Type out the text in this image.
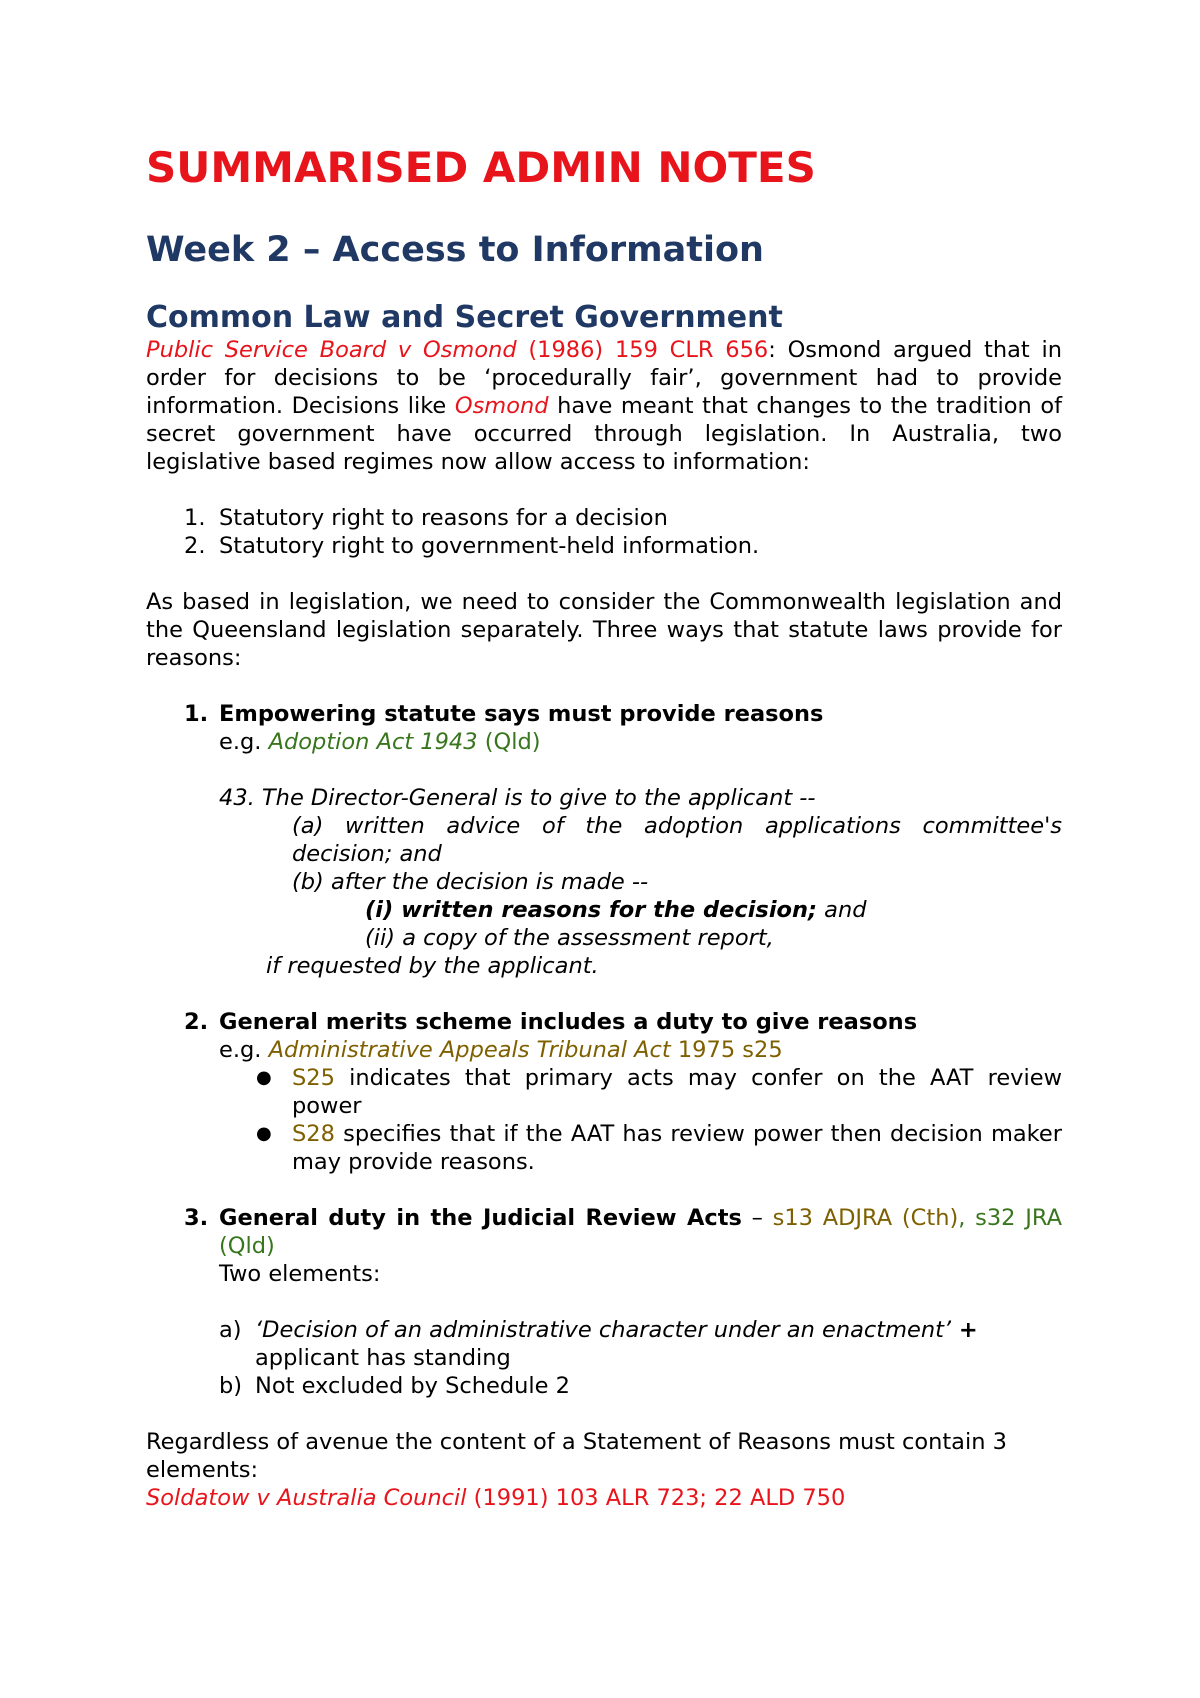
SUMMARISED ADMIN NOTES
Week 2 – Access to Information
Common Law and Secret Government

Public Service Board v Osmond (1986) 159 CLR 656: Osmond argued that in order for decisions to be ‘procedurally fair’, government had to provide information. Decisions like Osmond have meant that changes to the tradition of secret government have occurred through legislation. In Australia, two legislative based regimes now allow access to information:

1. Statutory right to reasons for a decision
2. Statutory right to government-held information.

As based in legislation, we need to consider the Commonwealth legislation and the Queensland legislation separately. Three ways that statute laws provide for reasons:

1. Empowering statute says must provide reasons

e.g. Adoption Act 1943 (Qld)

43. The Director-General is to give to the applicant --

(a) written advice of the adoption applications committee's decision; and

(b) after the decision is made --

(i) written reasons for the decision; and

(ii) a copy of the assessment report,

if requested by the applicant.

2. General merits scheme includes a duty to give reasons

e.g. Administrative Appeals Tribunal Act 1975 s25

● S25 indicates that primary acts may confer on the AAT review power
● S28 specifies that if the AAT has review power then decision maker may provide reasons.
3. General duty in the Judicial Review Acts – s13 ADJRA (Cth), s32 JRA (Qld)

Two elements:

a) ‘Decision of an administrative character under an enactment’ + applicant has standing
b) Not excluded by Schedule 2

Regardless of avenue the content of a Statement of Reasons must contain 3 elements:

Soldatow v Australia Council (1991) 103 ALR 723; 22 ALD 750
